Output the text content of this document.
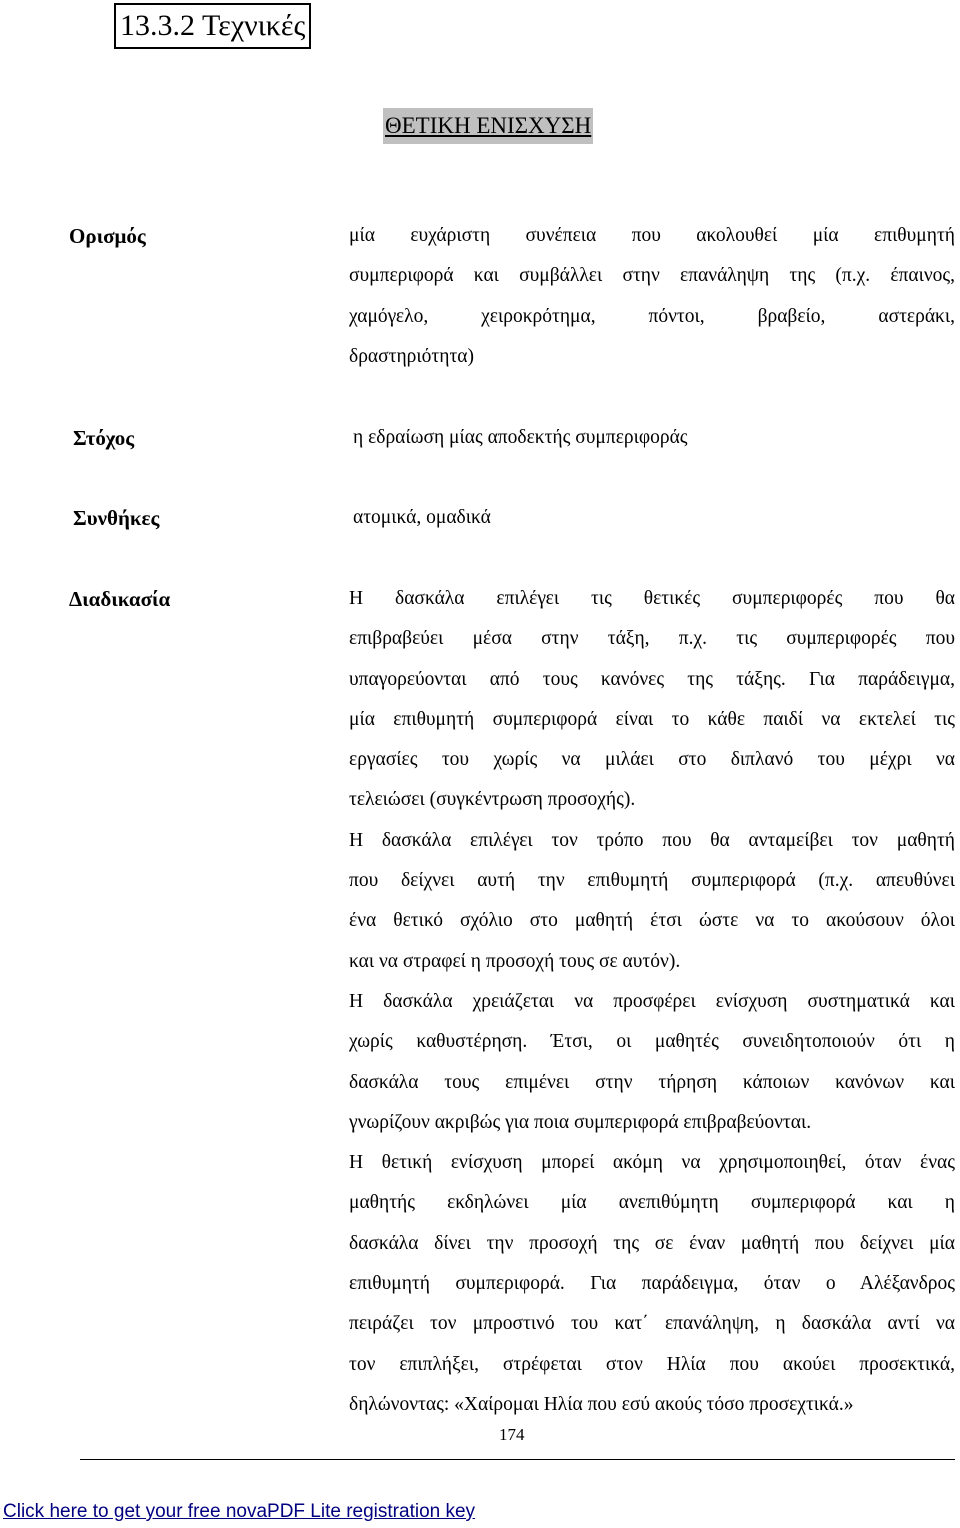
13.3.2 Τεχνικές
ΘΕΤΙΚΗ ΕΝΙΣΧΥΣΗ
Ορισμός	μία ευχάριστη συνέπεια που ακολουθεί μία επιθυμητή
συμπεριφορά και συμβάλλει στην επανάληψη της (π.χ. έπαινος,
χαμόγελο, χειροκρότημα, πόντοι, βραβείο, αστεράκι,
δραστηριότητα)
Στόχος	η εδραίωση μίας αποδεκτής συμπεριφοράς
Συνθήκες	ατομικά, ομαδικά
Διαδικασία	Η δασκάλα επιλέγει τις θετικές συμπεριφορές που θα
επιβραβεύει μέσα στην τάξη, π.χ. τις συμπεριφορές που
υπαγορεύονται από τους κανόνες της τάξης. Για παράδειγμα,
μία επιθυμητή συμπεριφορά είναι το κάθε παιδί να εκτελεί τις
εργασίες του χωρίς να μιλάει στο διπλανό του μέχρι να
τελειώσει (συγκέντρωση προσοχής).
Η δασκάλα επιλέγει τον τρόπο που θα ανταμείβει τον μαθητή
που δείχνει αυτή την επιθυμητή συμπεριφορά (π.χ. απευθύνει
ένα θετικό σχόλιο στο μαθητή έτσι ώστε να το ακούσουν όλοι
και να στραφεί η προσοχή τους σε αυτόν).
Η δασκάλα χρειάζεται να προσφέρει ενίσχυση συστηματικά και
χωρίς καθυστέρηση. Έτσι, οι μαθητές συνειδητοποιούν ότι η
δασκάλα τους επιμένει στην τήρηση κάποιων κανόνων και
γνωρίζουν ακριβώς για ποια συμπεριφορά επιβραβεύονται.
Η θετική ενίσχυση μπορεί ακόμη να χρησιμοποιηθεί, όταν ένας
μαθητής εκδηλώνει μία ανεπιθύμητη συμπεριφορά και η
δασκάλα δίνει την προσοχή της σε έναν μαθητή που δείχνει μία
επιθυμητή συμπεριφορά. Για παράδειγμα, όταν ο Αλέξανδρος
πειράζει τον μπροστινό του κατ΄ επανάληψη, η δασκάλα αντί να
τον επιπλήξει, στρέφεται στον Ηλία που ακούει προσεκτικά,
δηλώνοντας: «Χαίρομαι Ηλία που εσύ ακούς τόσο προσεχτικά.»
174
Click here to get your free novaPDF Lite registration key
